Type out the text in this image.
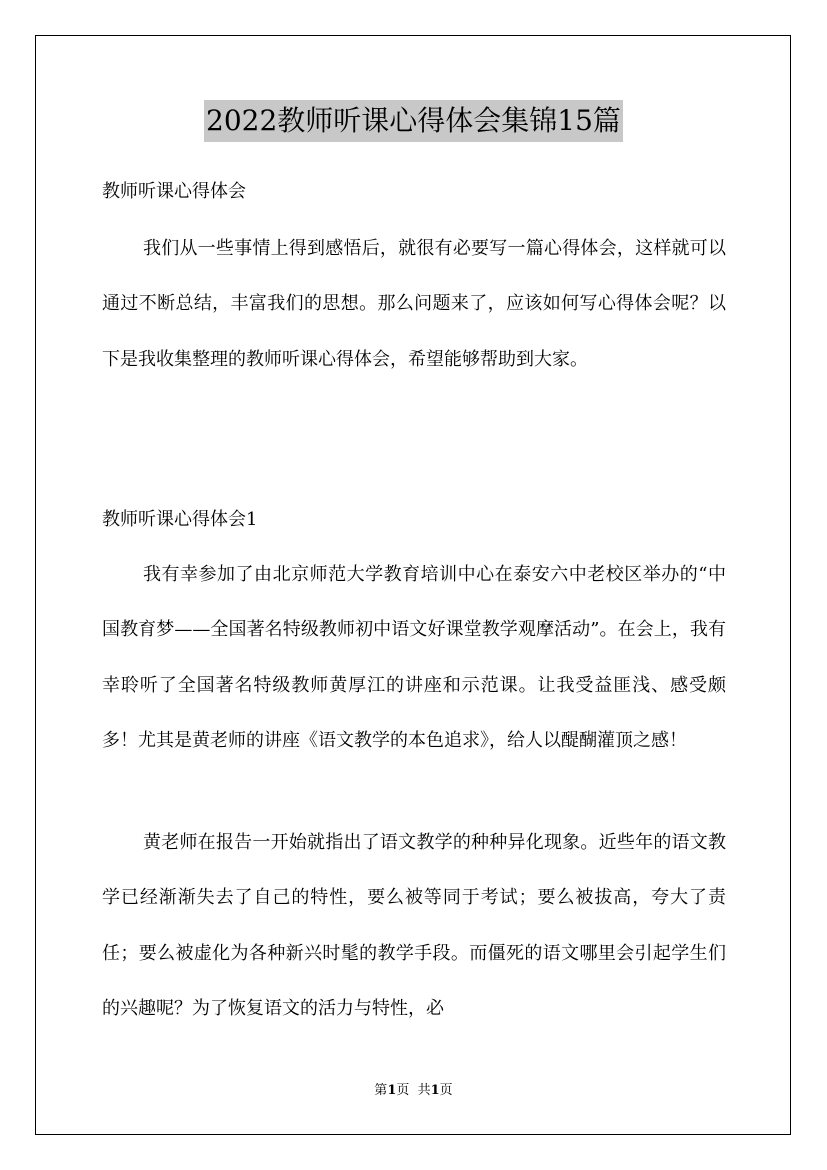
2022教师听课心得体会集锦15篇
教师听课心得体会
我们从一些事情上得到感悟后，就很有必要写一篇心得体会，这样就可以通过不断总结，丰富我们的思想。那么问题来了，应该如何写心得体会呢？以下是我收集整理的教师听课心得体会，希望能够帮助到大家。
教师听课心得体会1
我有幸参加了由北京师范大学教育培训中心在泰安六中老校区举办的“中国教育梦——全国著名特级教师初中语文好课堂教学观摩活动”。在会上，我有幸聆听了全国著名特级教师黄厚江的讲座和示范课。让我受益匪浅、感受颇多！尤其是黄老师的讲座《语文教学的本色追求》，给人以醍醐灌顶之感！
黄老师在报告一开始就指出了语文教学的种种异化现象。近些年的语文教学已经渐渐失去了自己的特性，要么被等同于考试；要么被拔高，夸大了责任；要么被虚化为各种新兴时髦的教学手段。而僵死的语文哪里会引起学生们的兴趣呢？为了恢复语文的活力与特性，必
第1页  共1页
